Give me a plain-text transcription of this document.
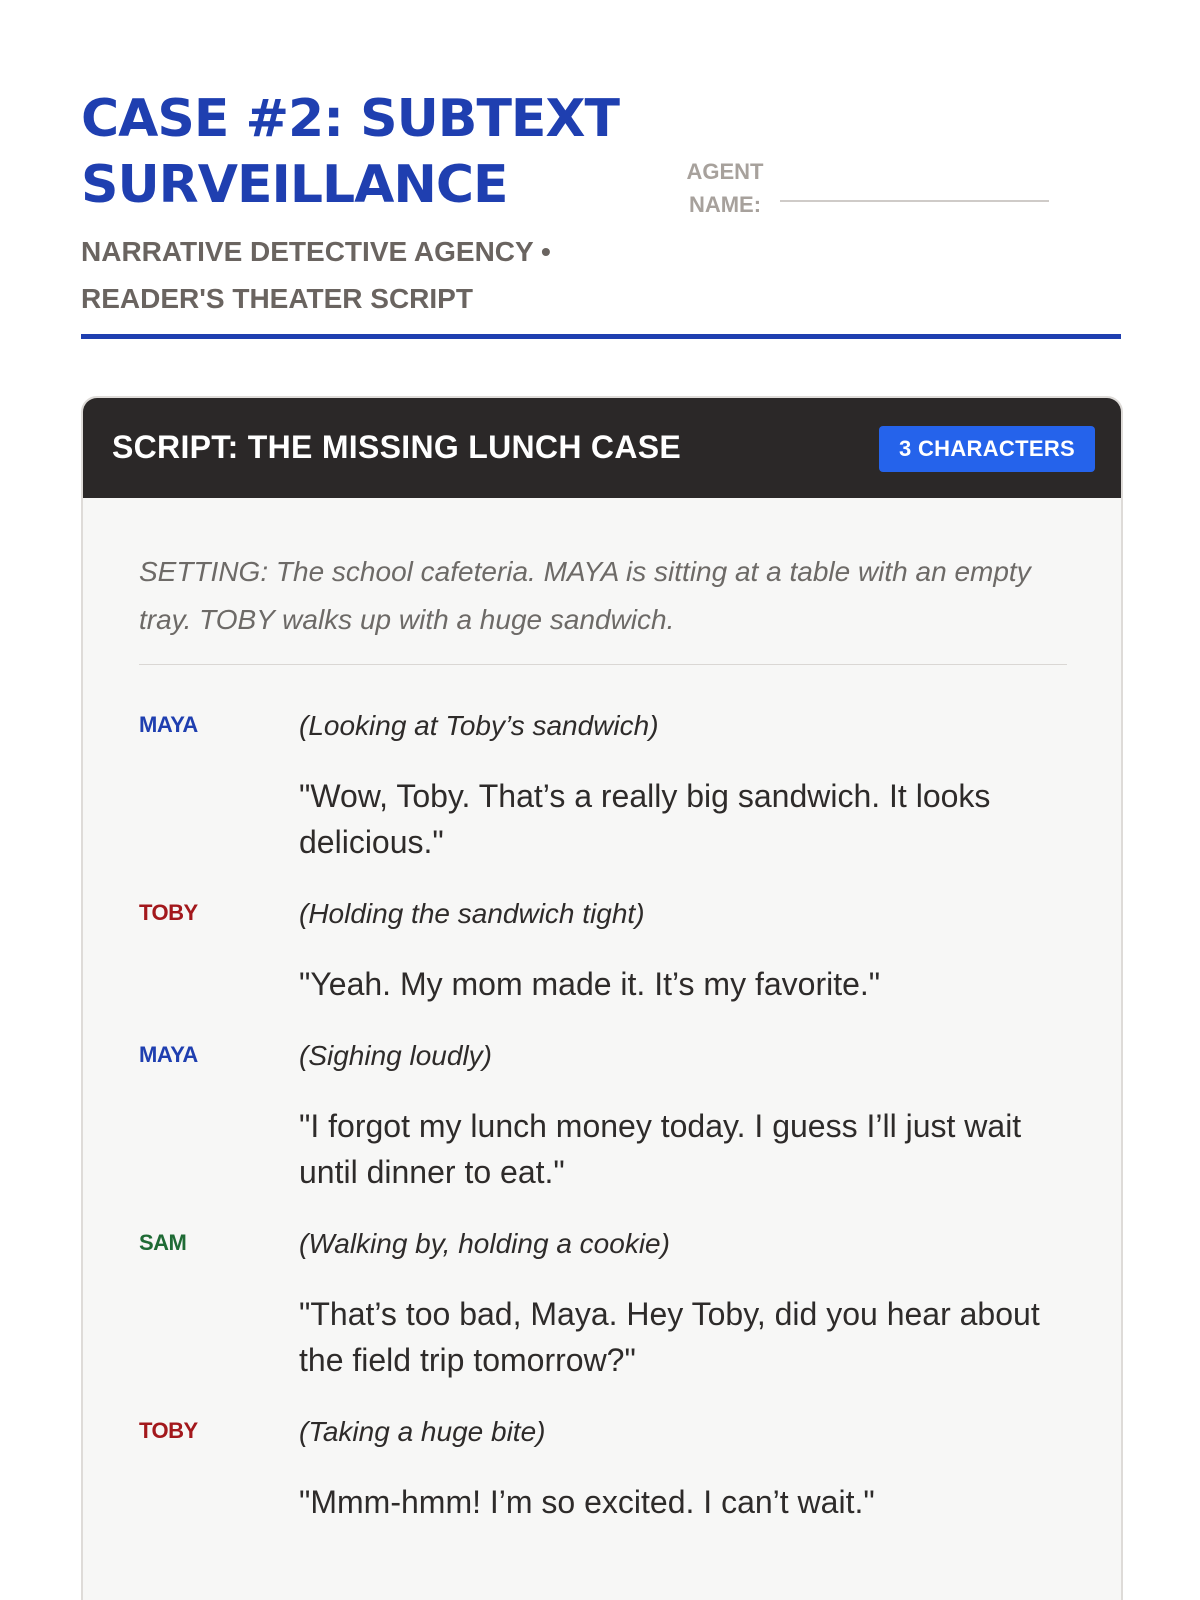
CASE #2: SUBTEXT SURVEILLANCE
NARRATIVE DETECTIVE AGENCY • READER'S THEATER SCRIPT
AGENT NAME:
SCRIPT: THE MISSING LUNCH CASE	3 CHARACTERS
SETTING: The school cafeteria. MAYA is sitting at a table with an empty tray. TOBY walks up with a huge sandwich.
MAYA	(Looking at Toby’s sandwich)
"Wow, Toby. That’s a really big sandwich. It looks delicious."
TOBY	(Holding the sandwich tight)
"Yeah. My mom made it. It’s my favorite."
MAYA	(Sighing loudly)
"I forgot my lunch money today. I guess I’ll just wait until dinner to eat."
SAM	(Walking by, holding a cookie)
"That’s too bad, Maya. Hey Toby, did you hear about the field trip tomorrow?"
TOBY	(Taking a huge bite)
"Mmm-hmm! I’m so excited. I can’t wait."
